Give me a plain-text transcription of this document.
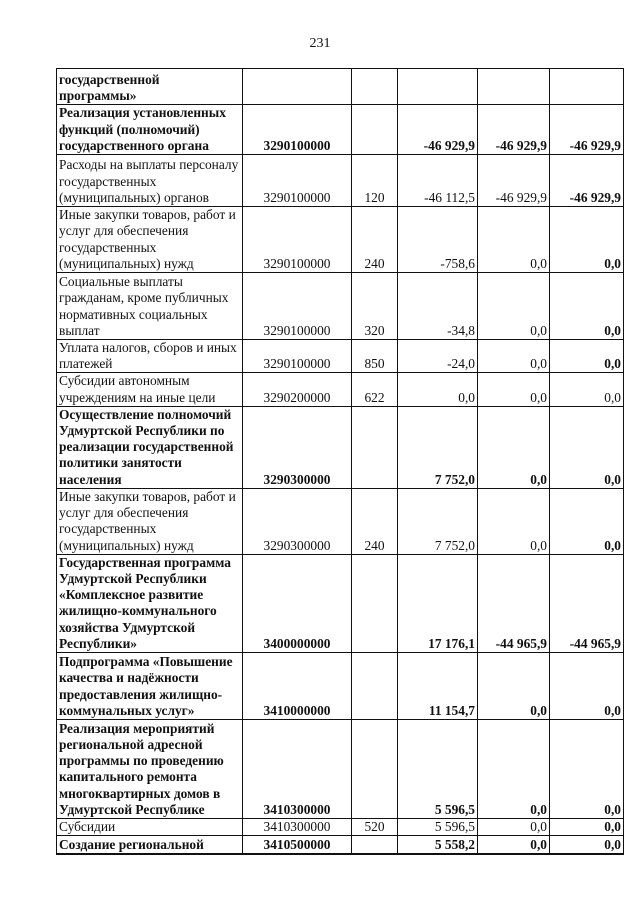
231
государственной программы»					
Реализация установленных функций (полномочий) государственного органа	3290100000		-46 929,9	-46 929,9	-46 929,9
Расходы на выплаты персоналу государственных (муниципальных) органов	3290100000	120	-46 112,5	-46 929,9	-46 929,9
Иные закупки товаров, работ и услуг для обеспечения государственных (муниципальных) нужд	3290100000	240	-758,6	0,0	0,0
Социальные выплаты гражданам, кроме публичных нормативных социальных выплат	3290100000	320	-34,8	0,0	0,0
Уплата налогов, сборов и иных платежей	3290100000	850	-24,0	0,0	0,0
Субсидии автономным учреждениям на иные цели	3290200000	622	0,0	0,0	0,0
Осуществление полномочий Удмуртской Республики по реализации государственной политики занятости населения	3290300000		7 752,0	0,0	0,0
Иные закупки товаров, работ и услуг для обеспечения государственных (муниципальных) нужд	3290300000	240	7 752,0	0,0	0,0
Государственная программа Удмуртской Республики «Комплексное развитие жилищно-коммунального хозяйства Удмуртской Республики»	3400000000		17 176,1	-44 965,9	-44 965,9
Подпрограмма «Повышение качества и надёжности предоставления жилищно-коммунальных услуг»	3410000000		11 154,7	0,0	0,0
Реализация мероприятий региональной адресной программы по проведению капитального ремонта многоквартирных домов в Удмуртской Республике	3410300000		5 596,5	0,0	0,0
Субсидии	3410300000	520	5 596,5	0,0	0,0
Создание региональной	3410500000		5 558,2	0,0	0,0
